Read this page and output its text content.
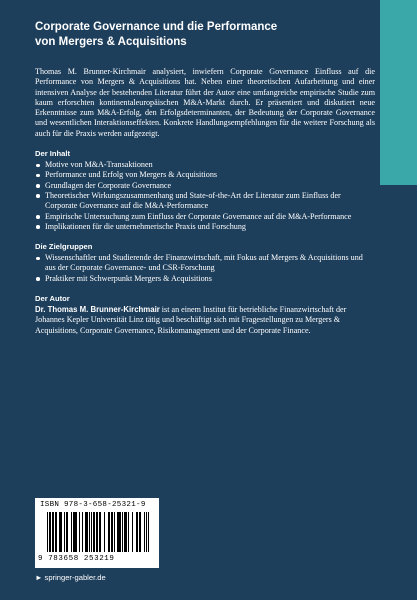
Corporate Governance und die Performance
von Mergers & Acquisitions

Thomas M. Brunner-Kirchmair analysiert, inwiefern Corporate Governance Einfluss auf die Performance von Mergers & Acquisitions hat. Neben einer theoretischen Aufarbeitung und einer intensiven Analyse der bestehenden Literatur führt der Autor eine umfangreiche empirische Studie zum kaum erforschten kontinentaleuropäischen M&A-Markt durch. Er präsentiert und diskutiert neue Erkenntnisse zum M&A-Erfolg, den Erfolgsdeterminanten, der Bedeutung der Corporate Governance und wesentlichen Interaktionseffekten. Konkrete Handlungsempfehlungen für die weitere Forschung als auch für die Praxis werden aufgezeigt.

Der Inhalt
Motive von M&A-Transaktionen
Performance und Erfolg von Mergers & Acquisitions
Grundlagen der Corporate Governance
Theoretischer Wirkungszusammenhang und State-of-the-Art der Literatur zum Einfluss der Corporate Governance auf die M&A-Performance
Empirische Untersuchung zum Einfluss der Corporate Governance auf die M&A-Performance
Implikationen für die unternehmerische Praxis und Forschung
Die Zielgruppen
Wissenschaftler und Studierende der Finanzwirtschaft, mit Fokus auf Mergers & Acquisitions und aus der Corporate Governance- und CSR-Forschung
Praktiker mit Schwerpunkt Mergers & Acquisitions
Der Autor

Dr. Thomas M. Brunner-Kirchmair ist an einem Institut für betriebliche Finanzwirtschaft der Johannes Kepler Universität Linz tätig und beschäftigt sich mit Fragestellungen zu Mergers & Acquisitions, Corporate Governance, Risikomanagement und der Corporate Finance.

ISBN 978-3-658-25321-9
9 783658 253219
► springer-gabler.de
